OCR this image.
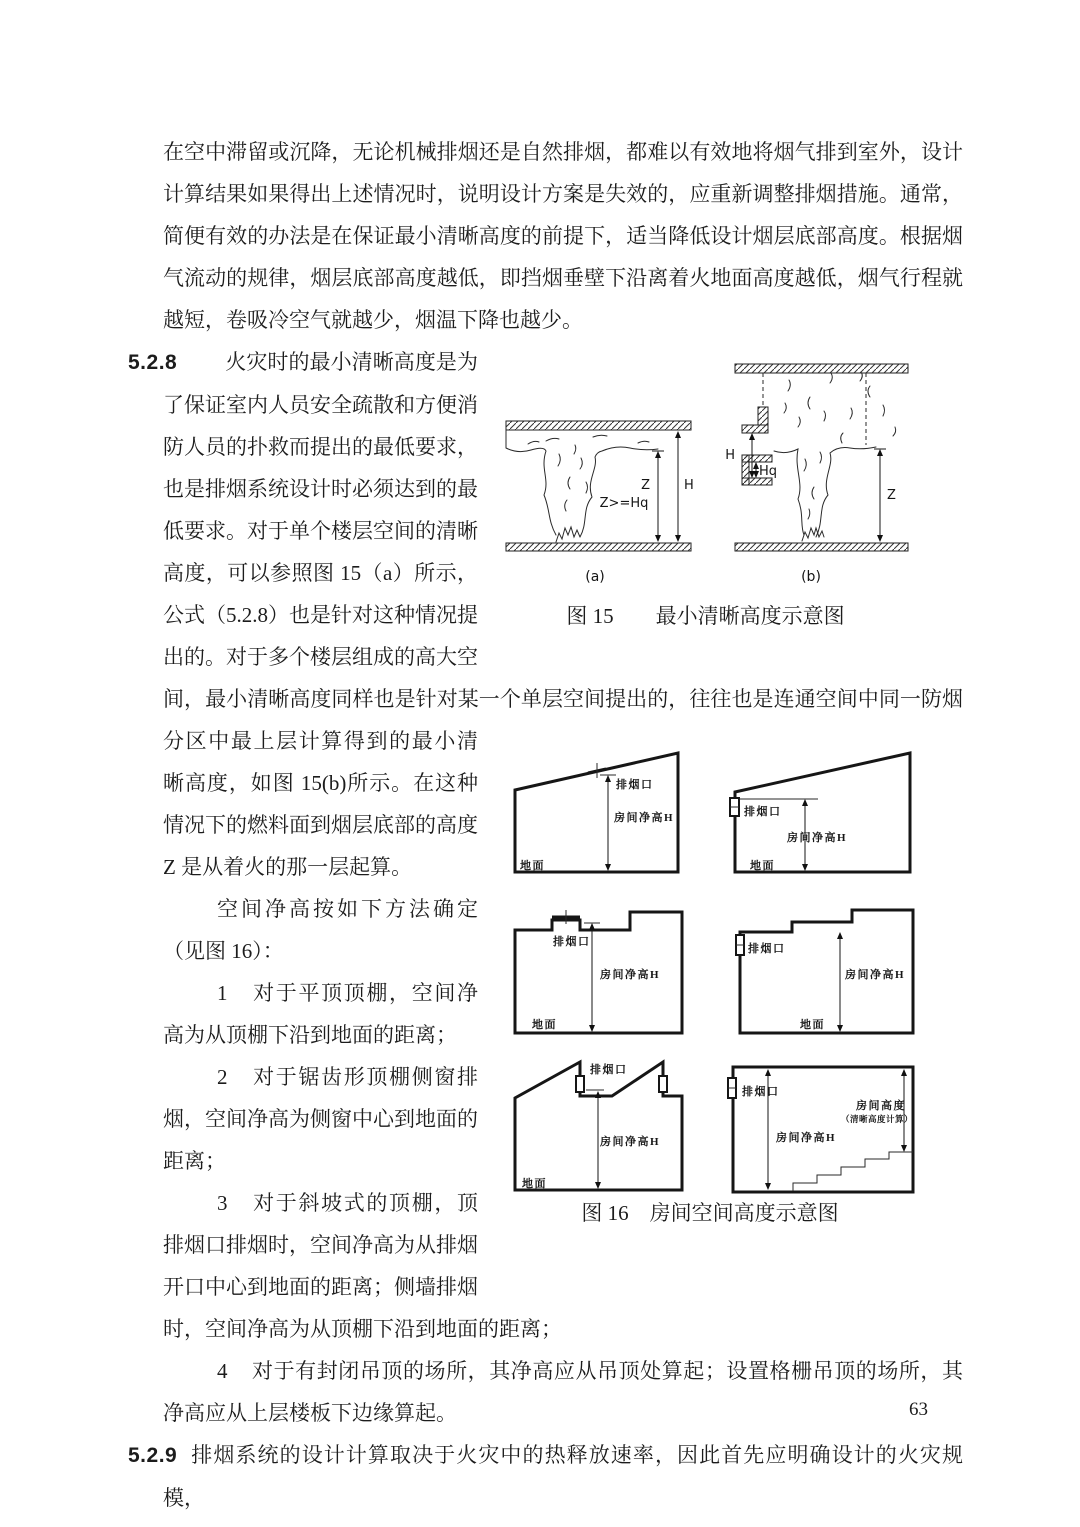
在空中滞留或沉降，无论机械排烟还是自然排烟，都难以有效地将烟气排到室外，设计计算结果如果得出上述情况时，说明设计方案是失效的，应重新调整排烟措施。通常，简便有效的办法是在保证最小清晰高度的前提下，适当降低设计烟层底部高度。根据烟气流动的规律，烟层底部高度越低，即挡烟垂壁下沿离着火地面高度越低，烟气行程就越短，卷吸冷空气就越少，烟温下降也越少。

Z	H
Z>=Hq
(a)
H
Hq
Z
(b)
图 15　　最小清晰高度示意图
5.2.8 火灾时的最小清晰高度是为了保证室内人员安全疏散和方便消防人员的扑救而提出的最低要求，也是排烟系统设计时必须达到的最低要求。对于单个楼层空间的清晰高度，可以参照图 15（a）所示，公式（5.2.8）也是针对这种情况提出的。对于多个楼层组成的高大空间，最小清晰高度同样也是针对某一个单层空间提出的，往往也是连通空间中同一防烟分区中最上层计算得到的最小清
排烟口
房间净高H
地面
排烟口
房间净高H
地面
排烟口
房间净高H
地面
排烟口
房间净高H
地面
排烟口
房间净高H
地面
排烟口
房间净高H
房间高度
（清晰高度计算）
图 16　房间空间高度示意图
晰高度，如图 15(b)所示。在这种情况下的燃料面到烟层底部的高度 Z 是从着火的那一层起算。

空间净高按如下方法确定（见图 16）：

1 对于平顶顶棚，空间净高为从顶棚下沿到地面的距离；

2 对于锯齿形顶棚侧窗排烟，空间净高为侧窗中心到地面的距离；

3 对于斜坡式的顶棚，顶排烟口排烟时，空间净高为从排烟开口中心到地面的距离；侧墙排烟时，空间净高为从顶棚下沿到地面的距离；

4 对于有封闭吊顶的场所，其净高应从吊顶处算起；设置格栅吊顶的场所，其净高应从上层楼板下边缘算起。

5.2.9 排烟系统的设计计算取决于火灾中的热释放速率，因此首先应明确设计的火灾规模，

63
